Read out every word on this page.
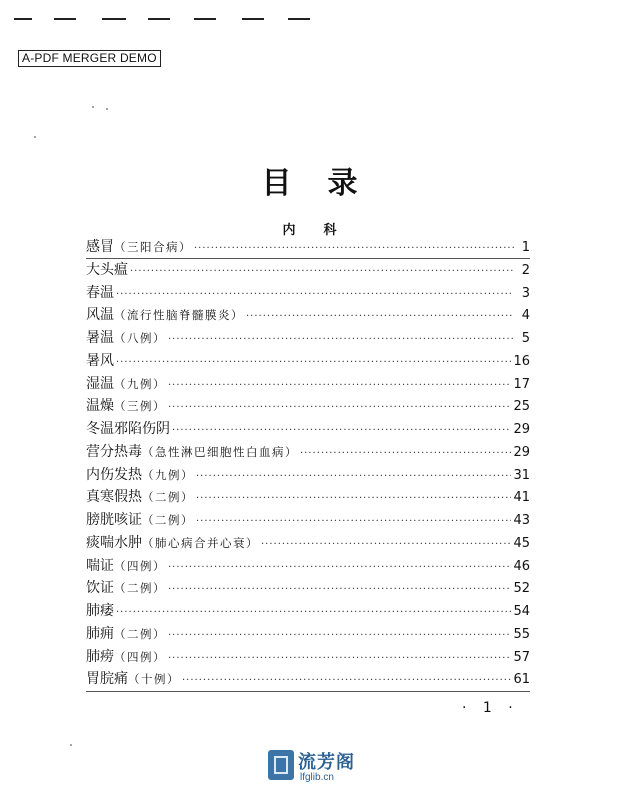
A-PDF MERGER DEMO
目录
内科
感冒 （三阳合病） ·····	1
大头瘟 ·····	2
春温 ·····	3
风温 （流行性脑脊髓膜炎） ·····	4
暑温 （八例） ·····	5
暑风 ·····	16
湿温 （九例） ·····	17
温燥 （三例） ·····	25
冬温邪陷伤阴 ·····	29
营分热毒 （急性淋巴细胞性白血病） ·····	29
内伤发热 （九例） ·····	31
真寒假热 （二例） ·····	41
膀胱咳证 （二例） ·····	43
痰喘水肿 （肺心病合并心衰） ·····	45
喘证 （四例） ·····	46
饮证 （二例） ·····	52
肺痿 ·····	54
肺痈 （二例） ·····	55
肺痨 （四例） ·····	57
胃脘痛 （十例） ·····	61
· 1 ·
流芳阁
lfglib.cn
